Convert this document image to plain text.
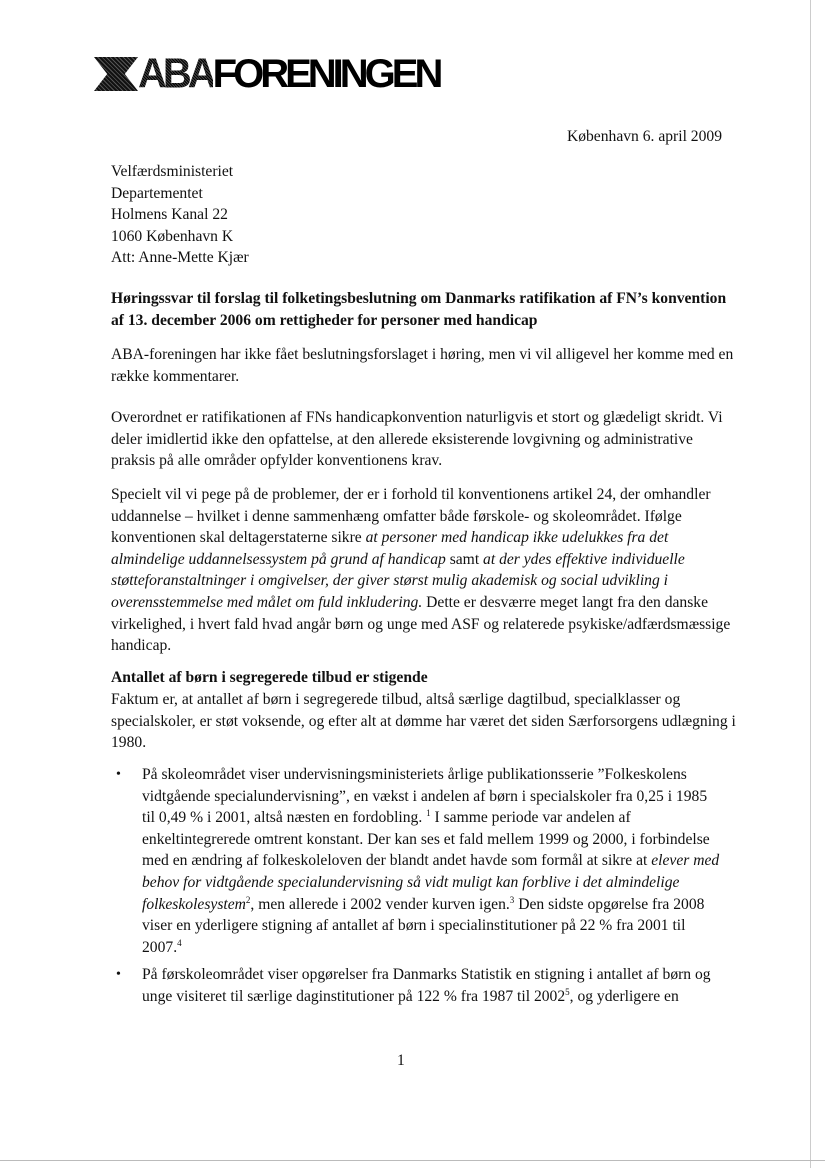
ABA FORENINGEN
København 6. april 2009
Velfærdsministeriet
Departementet
Holmens Kanal 22
1060 København K
Att: Anne-Mette Kjær
Høringssvar til forslag til folketingsbeslutning om Danmarks ratifikation af FN’s konvention
af 13. december 2006 om rettigheder for personer med handicap
ABA-foreningen har ikke fået beslutningsforslaget i høring, men vi vil alligevel her komme med en
række kommentarer.
Overordnet er ratifikationen af FNs handicapkonvention naturligvis et stort og glædeligt skridt. Vi
deler imidlertid ikke den opfattelse, at den allerede eksisterende lovgivning og administrative
praksis på alle områder opfylder konventionens krav.
Specielt vil vi pege på de problemer, der er i forhold til konventionens artikel 24, der omhandler
uddannelse – hvilket i denne sammenhæng omfatter både førskole- og skoleområdet. Ifølge
konventionen skal deltagerstaterne sikre at personer med handicap ikke udelukkes fra det
almindelige uddannelsessystem på grund af handicap samt at der ydes effektive individuelle
støtteforanstaltninger i omgivelser, der giver størst mulig akademisk og social udvikling i
overensstemmelse med målet om fuld inkludering. Dette er desværre meget langt fra den danske
virkelighed, i hvert fald hvad angår børn og unge med ASF og relaterede psykiske/adfærdsmæssige
handicap.
Antallet af børn i segregerede tilbud er stigende
Faktum er, at antallet af børn i segregerede tilbud, altså særlige dagtilbud, specialklasser og
specialskoler, er støt voksende, og efter alt at dømme har været det siden Særforsorgens udlægning i
1980.
• På skoleområdet viser undervisningsministeriets årlige publikationsserie ”Folkeskolens
vidtgående specialundervisning”, en vækst i andelen af børn i specialskoler fra 0,25 i 1985
til 0,49 % i 2001, altså næsten en fordobling. $^1$ I samme periode var andelen af
enkeltintegrerede omtrent konstant. Der kan ses et fald mellem 1999 og 2000, i forbindelse
med en ændring af folkeskoleloven der blandt andet havde som formål at sikre at elever med
behov for vidtgående specialundervisning så vidt muligt kan forblive i det almindelige
folkeskolesystem$^2$, men allerede i 2002 vender kurven igen.$^3$ Den sidste opgørelse fra 2008
viser en yderligere stigning af antallet af børn i specialinstitutioner på 22 % fra 2001 til
2007.$^4$
• På førskoleområdet viser opgørelser fra Danmarks Statistik en stigning i antallet af børn og
unge visiteret til særlige daginstitutioner på 122 % fra 1987 til 2002$^5$, og yderligere en
1
